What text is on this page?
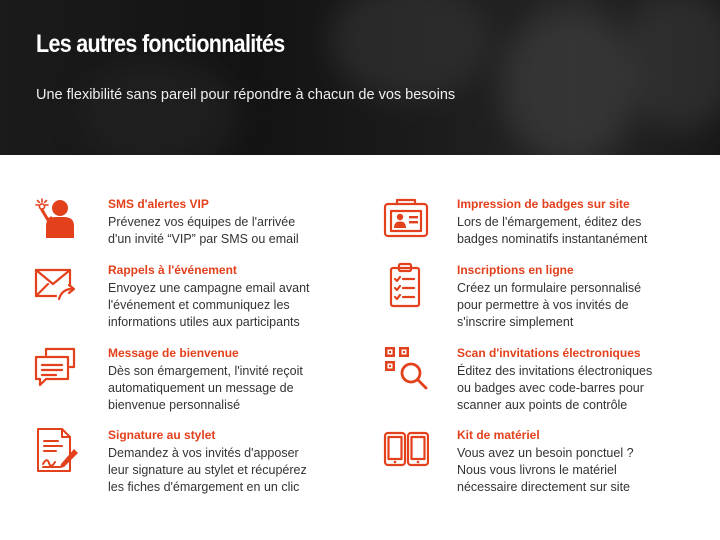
Les autres fonctionnalités

Une flexibilité sans pareil pour répondre à chacun de vos besoins

SMS d'alertes VIP

Prévenez vos équipes de l'arrivée
d'un invité “VIP” par SMS ou email

Rappels à l'événement

Envoyez une campagne email avant
l'événement et communiquez les
informations utiles aux participants

Message de bienvenue

Dès son émargement, l'invité reçoit
automatiquement un message de
bienvenue personnalisé

Signature au stylet

Demandez à vos invités d'apposer
leur signature au stylet et récupérez
les fiches d'émargement en un clic

Impression de badges sur site

Lors de l'émargement, éditez des
badges nominatifs instantanément

Inscriptions en ligne

Créez un formulaire personnalisé
pour permettre à vos invités de
s'inscrire simplement

Scan d'invitations électroniques

Éditez des invitations électroniques
ou badges avec code-barres pour
scanner aux points de contrôle

Kit de matériel

Vous avez un besoin ponctuel ?
Nous vous livrons le matériel
nécessaire directement sur site
